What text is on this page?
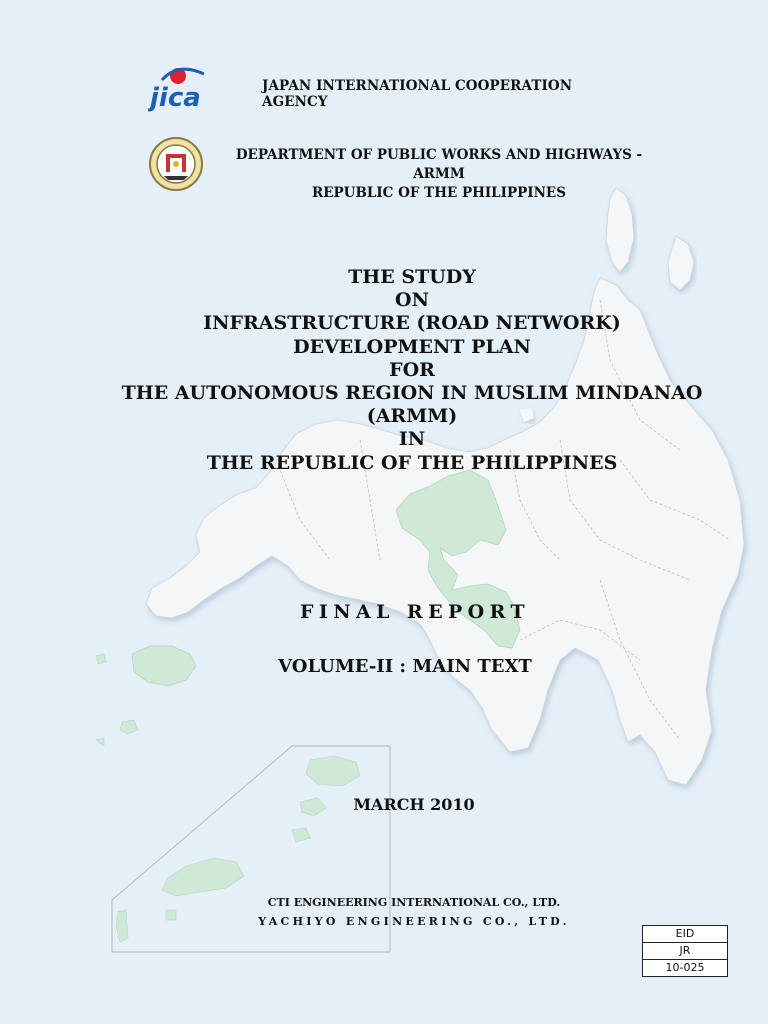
jica	JAPAN INTERNATIONAL COOPERATION AGENCY
DEPARTMENT OF PUBLIC WORKS AND HIGHWAYS - ARMM
REPUBLIC OF THE PHILIPPINES
THE STUDY
ON
INFRASTRUCTURE (ROAD NETWORK)
DEVELOPMENT PLAN
FOR
THE AUTONOMOUS REGION IN MUSLIM MINDANAO
(ARMM)
IN
THE REPUBLIC OF THE PHILIPPINES
FINAL REPORT
VOLUME-II : MAIN TEXT
MARCH 2010
CTI ENGINEERING INTERNATIONAL CO., LTD.
YACHIYO ENGINEERING CO., LTD.
EID
JR
10-025
